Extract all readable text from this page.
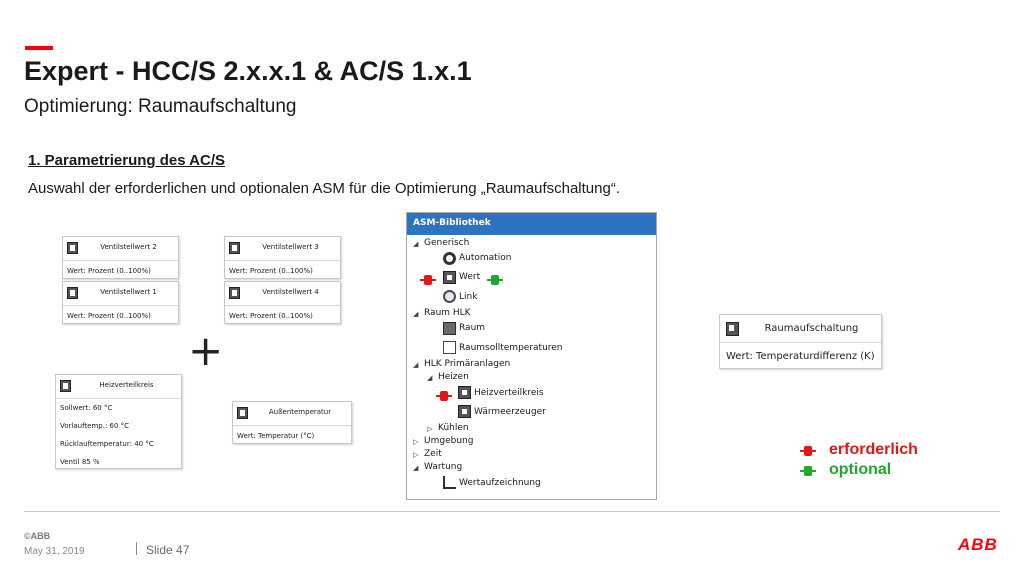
Expert - HCC/S 2.x.x.1 & AC/S 1.x.1
Optimierung: Raumaufschaltung
1. Parametrierung des AC/S
Auswahl der erforderlichen und optionalen ASM für die Optimierung „Raumaufschaltung“.
Ventilstellwert 2
Wert: Prozent (0..100%)
Ventilstellwert 1
Wert: Prozent (0..100%)
Ventilstellwert 3
Wert: Prozent (0..100%)
Ventilstellwert 4
Wert: Prozent (0..100%)
+
Heizverteilkreis
Sollwert: 60 °C
Vorlauftemp.: 60 °C
Rücklauftemperatur: 40 °C
Ventil 85 %
Außentemperatur
Wert: Temperatur (°C)
ASM-Bibliothek
◢ Generisch
Automation
Wert
Link
◢ Raum HLK
Raum
Raumsolltemperaturen
◢ HLK Primäranlagen
◢ Heizen
Heizverteilkreis
Wärmeerzeuger
▷ Kühlen
▷ Umgebung
▷ Zeit
◢ Wartung
Wertaufzeichnung
Raumaufschaltung
Wert: Temperaturdifferenz (K)
erforderlich
optional
©ABB
May 31, 2019	Slide 47	ABB
